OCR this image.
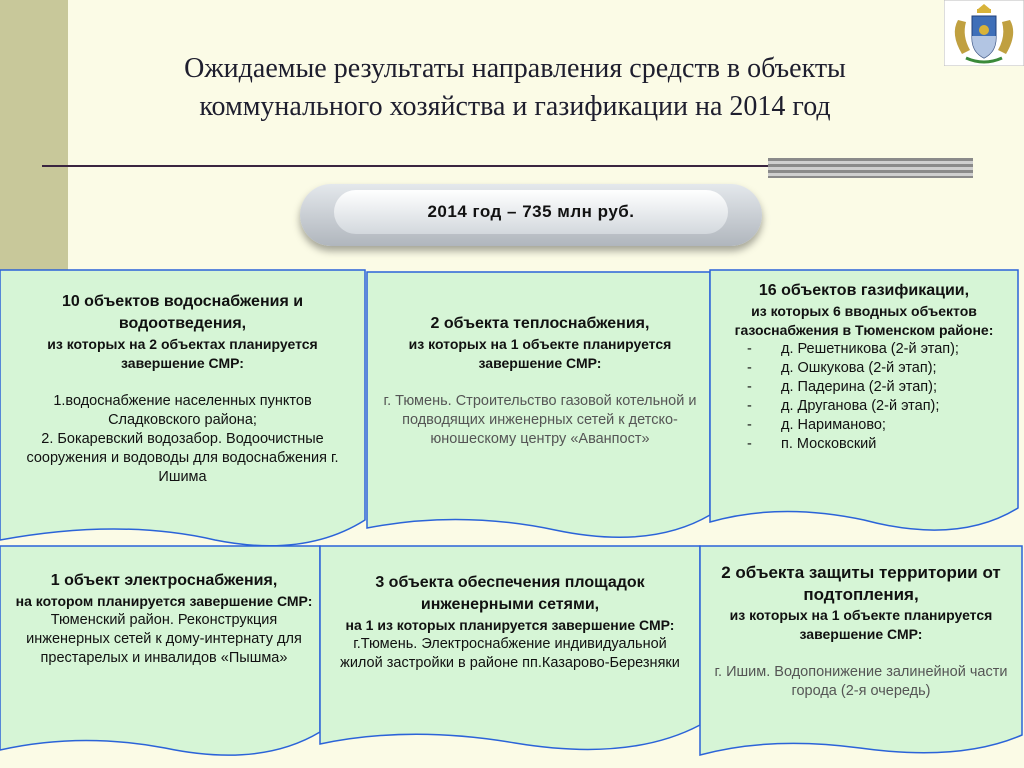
Ожидаемые результаты направления средств в объекты
коммунального хозяйства и газификации на 2014 год
2014 год – 735 млн руб.
10 объектов водоснабжения и водоотведения,
из которых на 2 объектах планируется завершение СМР:
1.водоснабжение населенных пунктов Сладковского района;
2. Бокаревский водозабор. Водоочистные сооружения и водоводы для водоснабжения г. Ишима
2 объекта теплоснабжения,
из которых на 1 объекте планируется завершение СМР:
г. Тюмень. Строительство газовой котельной и подводящих инженерных сетей к детско-юношескому центру «Аванпост»
16 объектов газификации,
из которых 6 вводных объектов газоснабжения в Тюменском районе:
-	д. Решетникова (2-й этап);
-	д. Ошкукова (2-й этап);
-	д. Падерина (2-й этап);
-	д. Друганова (2-й этап);
-	д. Нариманово;
-	п. Московский
1 объект электроснабжения,
на котором планируется завершение СМР:
Тюменский район. Реконструкция инженерных сетей к дому-интернату для престарелых и инвалидов «Пышма»
3 объекта обеспечения площадок инженерными сетями,
на 1 из которых планируется завершение СМР:
г.Тюмень. Электроснабжение индивидуальной жилой застройки в районе пп.Казарово-Березняки
2 объекта защиты территории от подтопления,
из которых на 1 объекте планируется завершение СМР:
г. Ишим. Водопонижение залинейной части города (2-я очередь)
